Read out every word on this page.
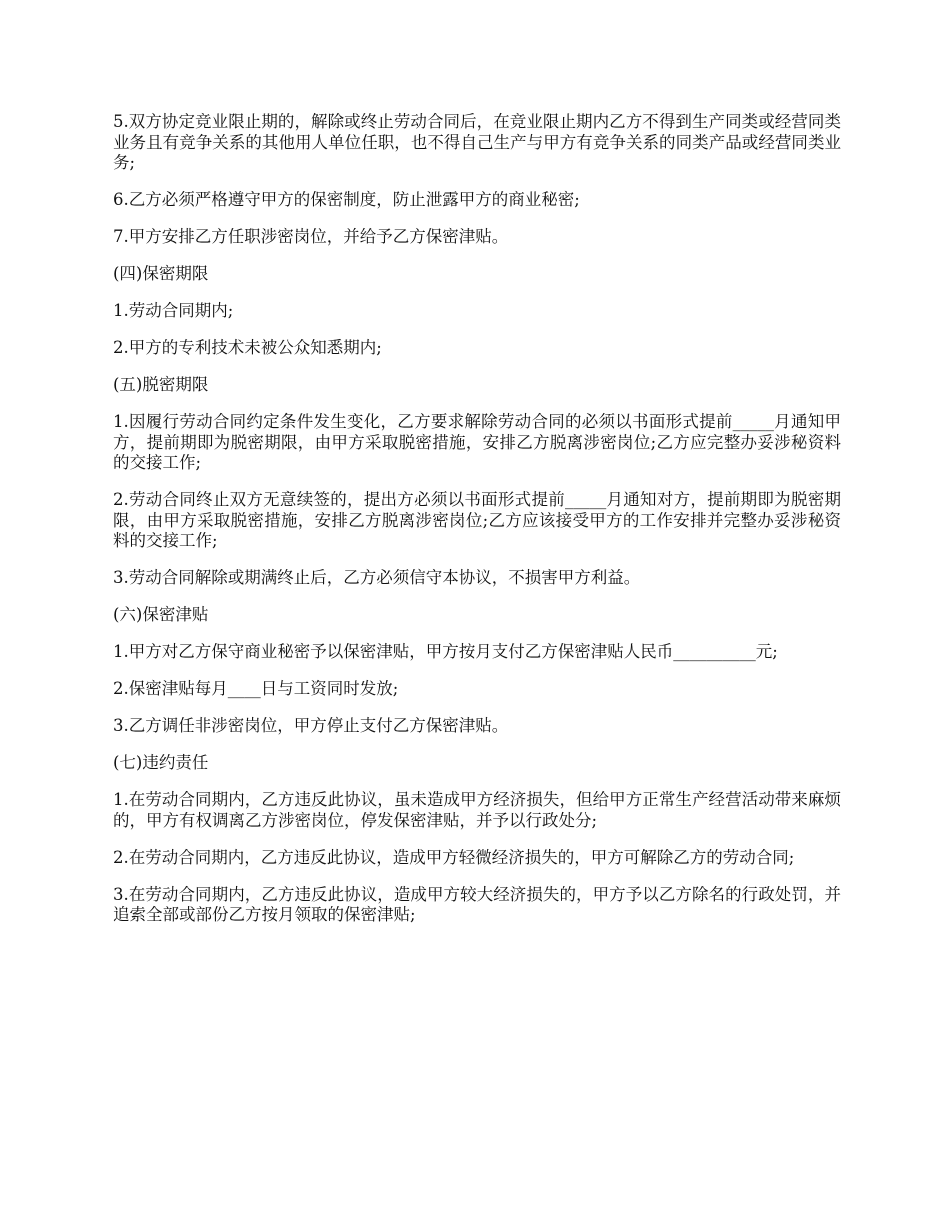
5.双方协定竞业限止期的，解除或终止劳动合同后，在竞业限止期内乙方不得到生产同类或经营同类业务且有竞争关系的其他用人单位任职，也不得自己生产与甲方有竞争关系的同类产品或经营同类业务;

6.乙方必须严格遵守甲方的保密制度，防止泄露甲方的商业秘密;

7.甲方安排乙方任职涉密岗位，并给予乙方保密津贴。

(四)保密期限

1.劳动合同期内;

2.甲方的专利技术未被公众知悉期内;

(五)脱密期限

1.因履行劳动合同约定条件发生变化，乙方要求解除劳动合同的必须以书面形式提前_____月通知甲方，提前期即为脱密期限，由甲方采取脱密措施，安排乙方脱离涉密岗位;乙方应完整办妥涉秘资料的交接工作;

2.劳动合同终止双方无意续签的，提出方必须以书面形式提前_____月通知对方，提前期即为脱密期限，由甲方采取脱密措施，安排乙方脱离涉密岗位;乙方应该接受甲方的工作安排并完整办妥涉秘资料的交接工作;

3.劳动合同解除或期满终止后，乙方必须信守本协议，不损害甲方利益。

(六)保密津贴

1.甲方对乙方保守商业秘密予以保密津贴，甲方按月支付乙方保密津贴人民币__________元;

2.保密津贴每月____日与工资同时发放;

3.乙方调任非涉密岗位，甲方停止支付乙方保密津贴。

(七)违约责任

1.在劳动合同期内，乙方违反此协议，虽未造成甲方经济损失，但给甲方正常生产经营活动带来麻烦的，甲方有权调离乙方涉密岗位，停发保密津贴，并予以行政处分;

2.在劳动合同期内，乙方违反此协议，造成甲方轻微经济损失的，甲方可解除乙方的劳动合同;

3.在劳动合同期内，乙方违反此协议，造成甲方较大经济损失的，甲方予以乙方除名的行政处罚，并追索全部或部份乙方按月领取的保密津贴;
